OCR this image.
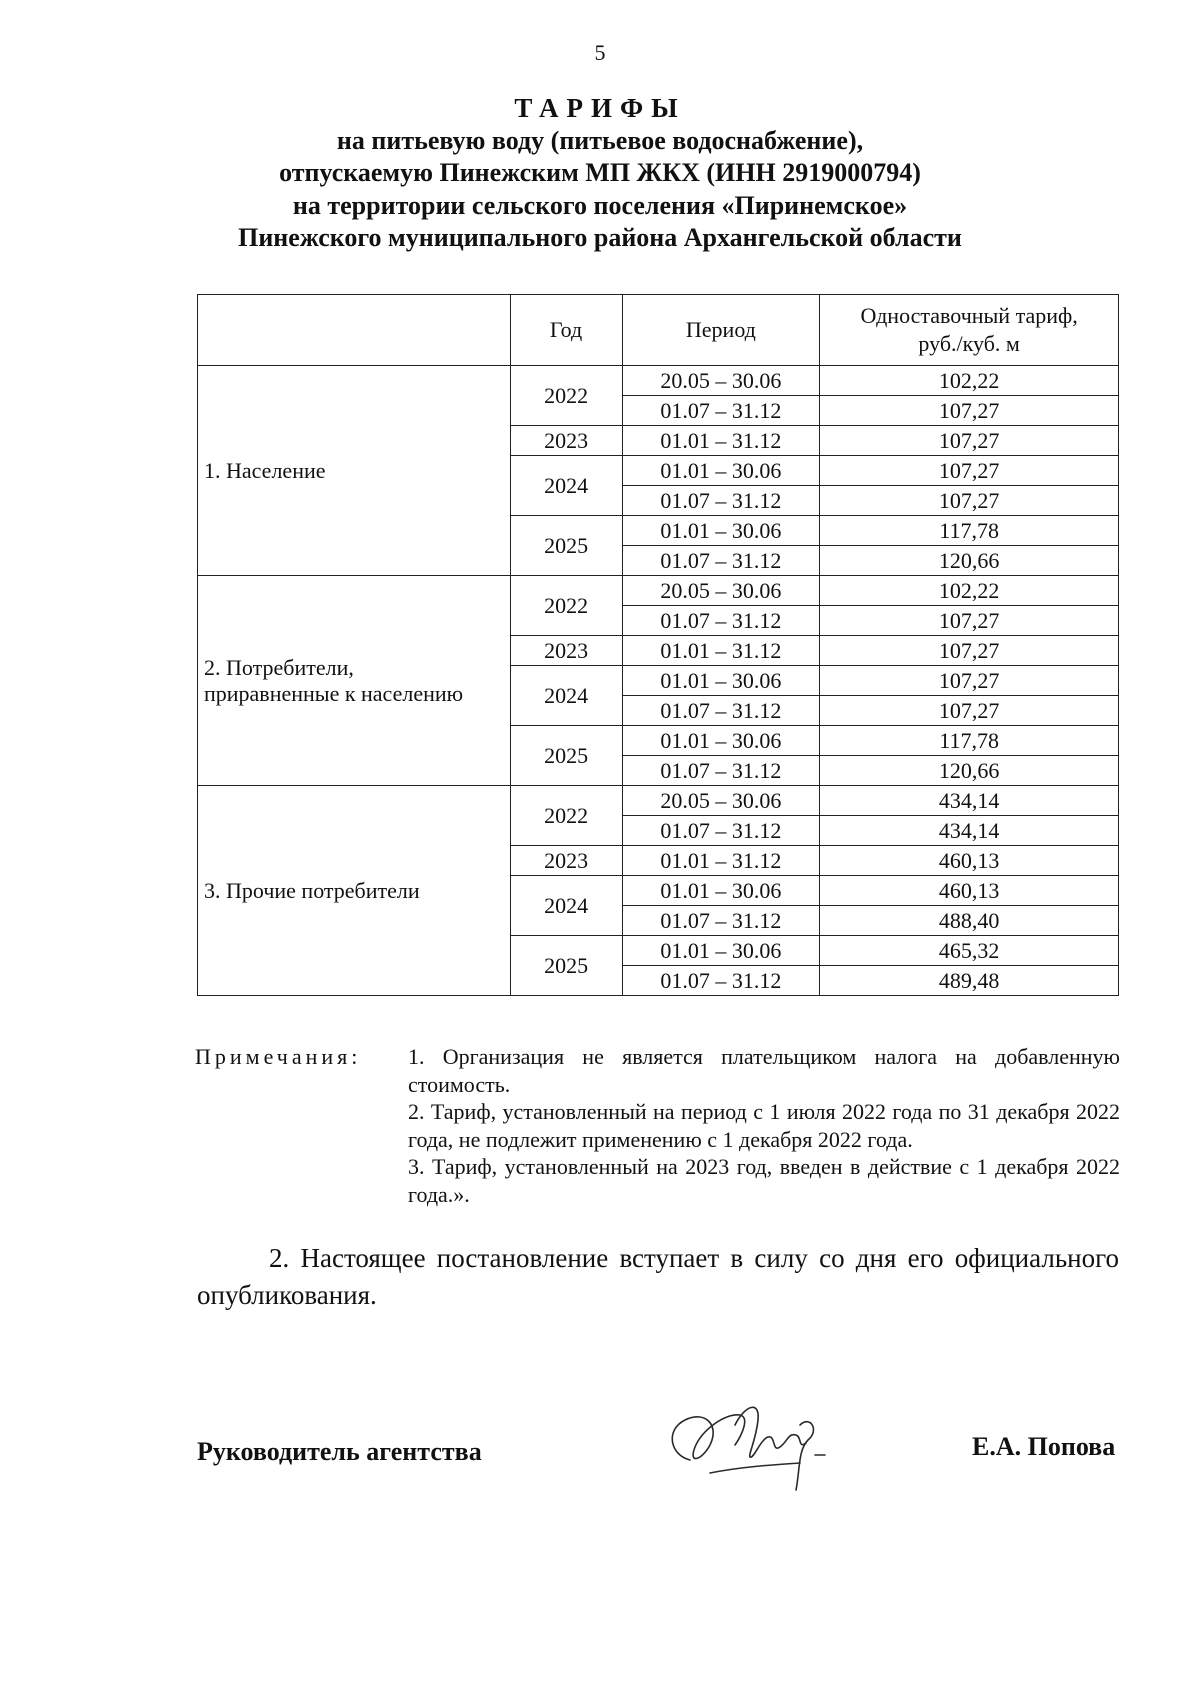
5
ТАРИФЫ
на питьевую воду (питьевое водоснабжение),
отпускаемую Пинежским МП ЖКХ (ИНН 2919000794)
на территории сельского поселения «Пиринемское»
Пинежского муниципального района Архангельской области
	Год	Период	Одноставочный тариф,
руб./куб. м

1. Население	2022	20.05 – 30.06	102,22
		01.07 – 31.12	107,27
	2023	01.01 – 31.12	107,27
	2024	01.01 – 30.06	107,27
		01.07 – 31.12	107,27
	2025	01.01 – 30.06	117,78
		01.07 – 31.12	120,66

2. Потребители,
приравненные к населению	2022	20.05 – 30.06	102,22
		01.07 – 31.12	107,27
	2023	01.01 – 31.12	107,27
	2024	01.01 – 30.06	107,27
		01.07 – 31.12	107,27
	2025	01.01 – 30.06	117,78
		01.07 – 31.12	120,66

3. Прочие потребители	2022	20.05 – 30.06	434,14
		01.07 – 31.12	434,14
	2023	01.01 – 31.12	460,13
	2024	01.01 – 30.06	460,13
		01.07 – 31.12	488,40
	2025	01.01 – 30.06	465,32
		01.07 – 31.12	489,48
Примечания: 1. Организация не является плательщиком налога на добавленную стоимость.
2. Тариф, установленный на период с 1 июля 2022 года по 31 декабря 2022 года, не подлежит применению с 1 декабря 2022 года.
3. Тариф, установленный на 2023 год, введен в действие с 1 декабря 2022 года.».
2. Настоящее постановление вступает в силу со дня его официального опубликования.
Руководитель агентства	Е.А. Попова
